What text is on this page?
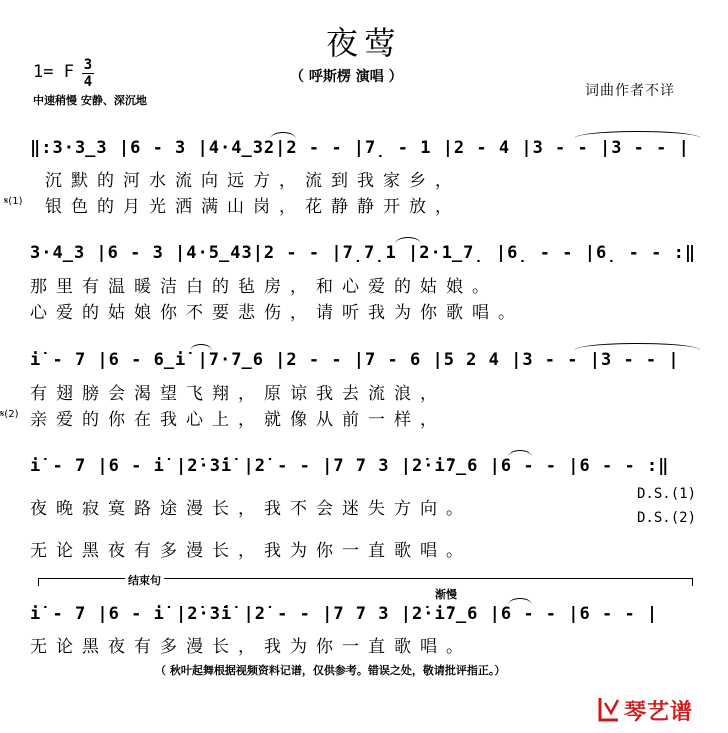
夜莺
（ 呼斯楞 演唱 ）
1= F 3
4
中速稍慢 安静、深沉地
词曲作者不详
‖:3·3̲3 |6 - 3 |4·4̲32|2 - - |7̣ - 1 |2 - 4 |3 - - |3 - - |
沉默的河水流向远方，流到我家乡，
𝄋(1) 银色的月光洒满山岗，花静静开放，
3·4̲3 |6 - 3 |4·5̲43|2 - - |7̣7̣1 |2·1̲7̣ |6̣ - - |6̣ - - :‖
那里有温暖洁白的毡房，和心爱的姑娘。
心爱的姑娘你不要悲伤，请听我为你歌唱。
i̇ - 7 |6 - 6̲i̇ |7·7̲6 |2 - - |7 - 6 |5 2 4 |3 - - |3 - - |
有翅膀会渴望飞翔，原谅我去流浪，
𝄋(2) 亲爱的你在我心上，就像从前一样，
i̇ - 7 |6 - i̇ |2̇·3̇i̇ |2̇ - - |7 7 3 |2̇·i̇7̲6 |6 - - |6 - - :‖
夜晚寂寞路途漫长，我不会迷失方向。
D.S.(1)
D.S.(2)
无论黑夜有多漫长，我为你一直歌唱。
结束句
渐慢
i̇ - 7 |6 - i̇ |2̇·3̇i̇ |2̇ - - |7 7 3 |2̇·i̇7̲6 |6 - - |6 - - |
无论黑夜有多漫长，我为你一直歌唱。
（ 秋叶起舞根据视频资料记谱，仅供参考。错误之处，敬请批评指正。）
琴艺谱
